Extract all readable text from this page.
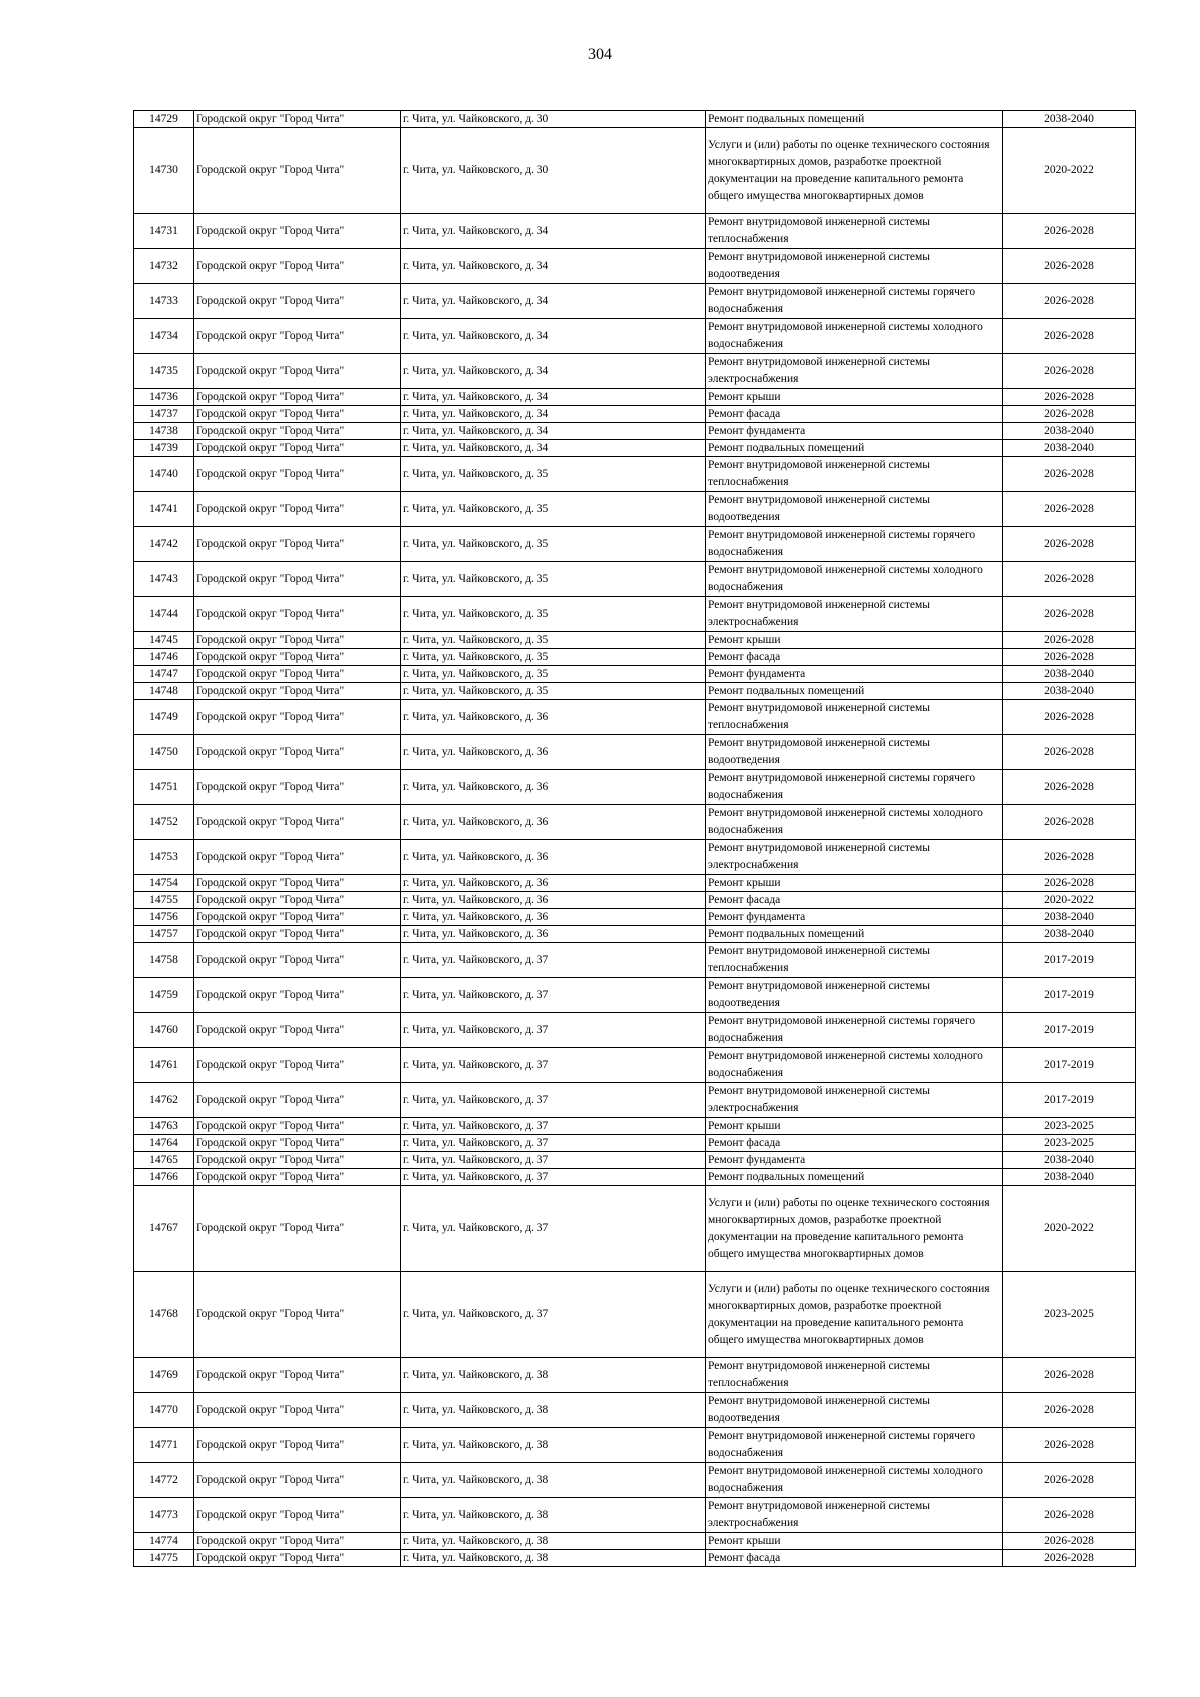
304
14729	Городской округ "Город Чита"	г. Чита, ул. Чайковского, д. 30	Ремонт подвальных помещений	2038-2040
14730	Городской округ "Город Чита"	г. Чита, ул. Чайковского, д. 30	Услуги и (или) работы по оценке технического состояния многоквартирных домов, разработке проектной документации на проведение капитального ремонта общего имущества многоквартирных домов	2020-2022
14731	Городской округ "Город Чита"	г. Чита, ул. Чайковского, д. 34	Ремонт внутридомовой инженерной системы теплоснабжения	2026-2028
14732	Городской округ "Город Чита"	г. Чита, ул. Чайковского, д. 34	Ремонт внутридомовой инженерной системы водоотведения	2026-2028
14733	Городской округ "Город Чита"	г. Чита, ул. Чайковского, д. 34	Ремонт внутридомовой инженерной системы горячего водоснабжения	2026-2028
14734	Городской округ "Город Чита"	г. Чита, ул. Чайковского, д. 34	Ремонт внутридомовой инженерной системы холодного водоснабжения	2026-2028
14735	Городской округ "Город Чита"	г. Чита, ул. Чайковского, д. 34	Ремонт внутридомовой инженерной системы электроснабжения	2026-2028
14736	Городской округ "Город Чита"	г. Чита, ул. Чайковского, д. 34	Ремонт крыши	2026-2028
14737	Городской округ "Город Чита"	г. Чита, ул. Чайковского, д. 34	Ремонт фасада	2026-2028
14738	Городской округ "Город Чита"	г. Чита, ул. Чайковского, д. 34	Ремонт фундамента	2038-2040
14739	Городской округ "Город Чита"	г. Чита, ул. Чайковского, д. 34	Ремонт подвальных помещений	2038-2040
14740	Городской округ "Город Чита"	г. Чита, ул. Чайковского, д. 35	Ремонт внутридомовой инженерной системы теплоснабжения	2026-2028
14741	Городской округ "Город Чита"	г. Чита, ул. Чайковского, д. 35	Ремонт внутридомовой инженерной системы водоотведения	2026-2028
14742	Городской округ "Город Чита"	г. Чита, ул. Чайковского, д. 35	Ремонт внутридомовой инженерной системы горячего водоснабжения	2026-2028
14743	Городской округ "Город Чита"	г. Чита, ул. Чайковского, д. 35	Ремонт внутридомовой инженерной системы холодного водоснабжения	2026-2028
14744	Городской округ "Город Чита"	г. Чита, ул. Чайковского, д. 35	Ремонт внутридомовой инженерной системы электроснабжения	2026-2028
14745	Городской округ "Город Чита"	г. Чита, ул. Чайковского, д. 35	Ремонт крыши	2026-2028
14746	Городской округ "Город Чита"	г. Чита, ул. Чайковского, д. 35	Ремонт фасада	2026-2028
14747	Городской округ "Город Чита"	г. Чита, ул. Чайковского, д. 35	Ремонт фундамента	2038-2040
14748	Городской округ "Город Чита"	г. Чита, ул. Чайковского, д. 35	Ремонт подвальных помещений	2038-2040
14749	Городской округ "Город Чита"	г. Чита, ул. Чайковского, д. 36	Ремонт внутридомовой инженерной системы теплоснабжения	2026-2028
14750	Городской округ "Город Чита"	г. Чита, ул. Чайковского, д. 36	Ремонт внутридомовой инженерной системы водоотведения	2026-2028
14751	Городской округ "Город Чита"	г. Чита, ул. Чайковского, д. 36	Ремонт внутридомовой инженерной системы горячего водоснабжения	2026-2028
14752	Городской округ "Город Чита"	г. Чита, ул. Чайковского, д. 36	Ремонт внутридомовой инженерной системы холодного водоснабжения	2026-2028
14753	Городской округ "Город Чита"	г. Чита, ул. Чайковского, д. 36	Ремонт внутридомовой инженерной системы электроснабжения	2026-2028
14754	Городской округ "Город Чита"	г. Чита, ул. Чайковского, д. 36	Ремонт крыши	2026-2028
14755	Городской округ "Город Чита"	г. Чита, ул. Чайковского, д. 36	Ремонт фасада	2020-2022
14756	Городской округ "Город Чита"	г. Чита, ул. Чайковского, д. 36	Ремонт фундамента	2038-2040
14757	Городской округ "Город Чита"	г. Чита, ул. Чайковского, д. 36	Ремонт подвальных помещений	2038-2040
14758	Городской округ "Город Чита"	г. Чита, ул. Чайковского, д. 37	Ремонт внутридомовой инженерной системы теплоснабжения	2017-2019
14759	Городской округ "Город Чита"	г. Чита, ул. Чайковского, д. 37	Ремонт внутридомовой инженерной системы водоотведения	2017-2019
14760	Городской округ "Город Чита"	г. Чита, ул. Чайковского, д. 37	Ремонт внутридомовой инженерной системы горячего водоснабжения	2017-2019
14761	Городской округ "Город Чита"	г. Чита, ул. Чайковского, д. 37	Ремонт внутридомовой инженерной системы холодного водоснабжения	2017-2019
14762	Городской округ "Город Чита"	г. Чита, ул. Чайковского, д. 37	Ремонт внутридомовой инженерной системы электроснабжения	2017-2019
14763	Городской округ "Город Чита"	г. Чита, ул. Чайковского, д. 37	Ремонт крыши	2023-2025
14764	Городской округ "Город Чита"	г. Чита, ул. Чайковского, д. 37	Ремонт фасада	2023-2025
14765	Городской округ "Город Чита"	г. Чита, ул. Чайковского, д. 37	Ремонт фундамента	2038-2040
14766	Городской округ "Город Чита"	г. Чита, ул. Чайковского, д. 37	Ремонт подвальных помещений	2038-2040
14767	Городской округ "Город Чита"	г. Чита, ул. Чайковского, д. 37	Услуги и (или) работы по оценке технического состояния многоквартирных домов, разработке проектной документации на проведение капитального ремонта общего имущества многоквартирных домов	2020-2022
14768	Городской округ "Город Чита"	г. Чита, ул. Чайковского, д. 37	Услуги и (или) работы по оценке технического состояния многоквартирных домов, разработке проектной документации на проведение капитального ремонта общего имущества многоквартирных домов	2023-2025
14769	Городской округ "Город Чита"	г. Чита, ул. Чайковского, д. 38	Ремонт внутридомовой инженерной системы теплоснабжения	2026-2028
14770	Городской округ "Город Чита"	г. Чита, ул. Чайковского, д. 38	Ремонт внутридомовой инженерной системы водоотведения	2026-2028
14771	Городской округ "Город Чита"	г. Чита, ул. Чайковского, д. 38	Ремонт внутридомовой инженерной системы горячего водоснабжения	2026-2028
14772	Городской округ "Город Чита"	г. Чита, ул. Чайковского, д. 38	Ремонт внутридомовой инженерной системы холодного водоснабжения	2026-2028
14773	Городской округ "Город Чита"	г. Чита, ул. Чайковского, д. 38	Ремонт внутридомовой инженерной системы электроснабжения	2026-2028
14774	Городской округ "Город Чита"	г. Чита, ул. Чайковского, д. 38	Ремонт крыши	2026-2028
14775	Городской округ "Город Чита"	г. Чита, ул. Чайковского, д. 38	Ремонт фасада	2026-2028
